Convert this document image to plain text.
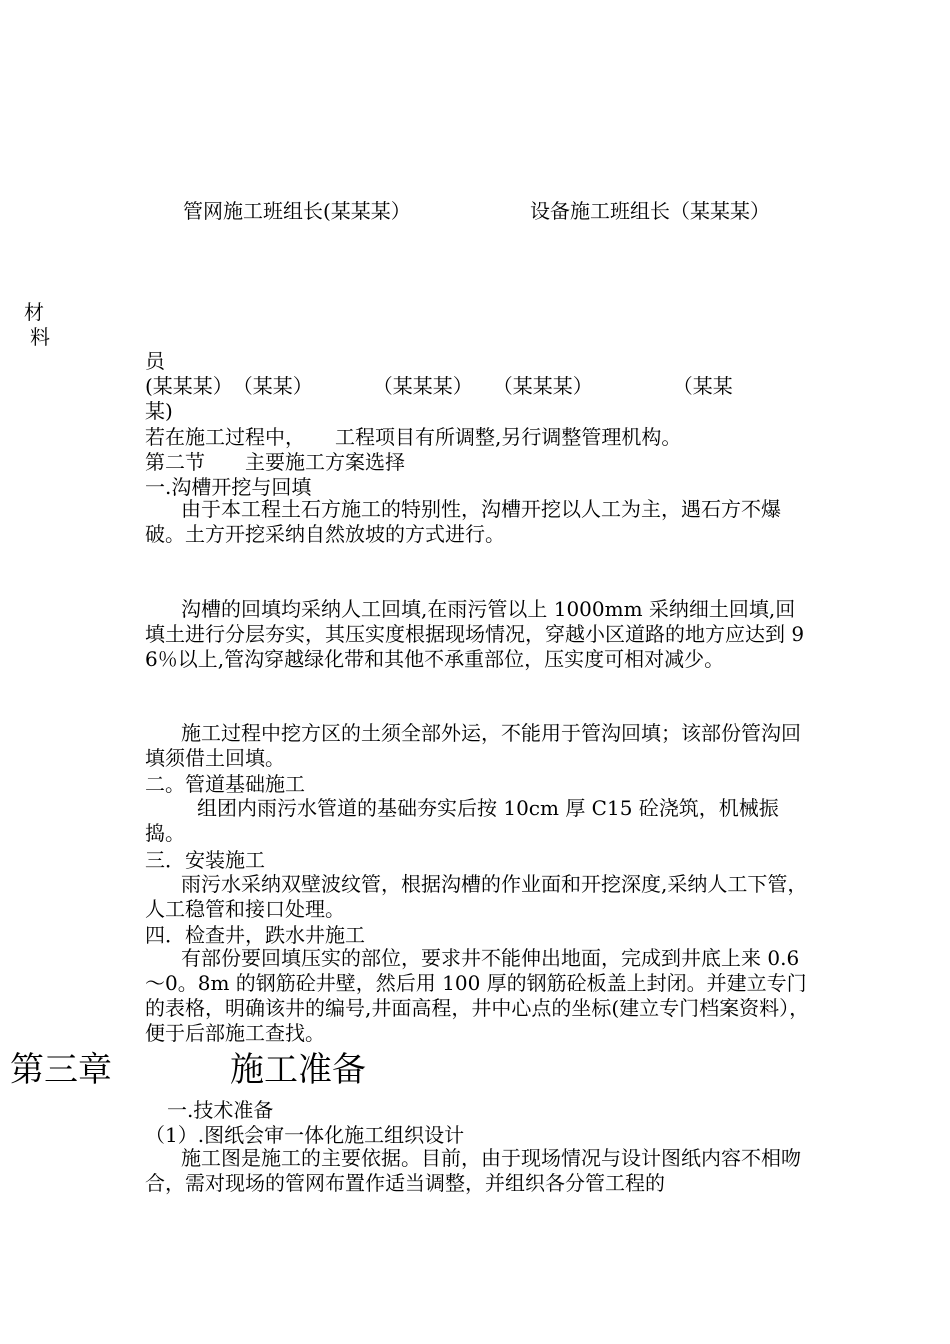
管网施工班组长(某某某）	设备施工班组长（某某某）
材
料
员
(某某某）　（某某）　　　　（某某某）　　（某某某）　　　　　（某某
某)
若在施工过程中，　　工程项目有所调整,另行调整管理机构。
第二节　　主要施工方案选择
一.沟槽开挖与回填
由于本工程土石方施工的特别性，沟槽开挖以人工为主，遇石方不爆破。土方开挖采纳自然放坡的方式进行。
沟槽的回填均采纳人工回填,在雨污管以上 1000mm 采纳细土回填,回填土进行分层夯实，其压实度根据现场情况，穿越小区道路的地方应达到 96％以上,管沟穿越绿化带和其他不承重部位，压实度可相对减少。
施工过程中挖方区的土须全部外运，不能用于管沟回填；该部份管沟回填须借土回填。
二。管道基础施工
组团内雨污水管道的基础夯实后按 10cm 厚 C15 砼浇筑，机械振捣。
三．安装施工
雨污水采纳双壁波纹管，根据沟槽的作业面和开挖深度,采纳人工下管，人工稳管和接口处理。
四．检查井，跌水井施工
有部份要回填压实的部位，要求井不能伸出地面，完成到井底上来 0.6～0。8m 的钢筋砼井壁，然后用 100 厚的钢筋砼板盖上封闭。并建立专门的表格，明确该井的编号,井面高程，井中心点的坐标(建立专门档案资料），便于后部施工查找。
第三章	施工准备
一.技术准备
（1）.图纸会审一体化施工组织设计
施工图是施工的主要依据。目前，由于现场情况与设计图纸内容不相吻合，需对现场的管网布置作适当调整，并组织各分管工程的
